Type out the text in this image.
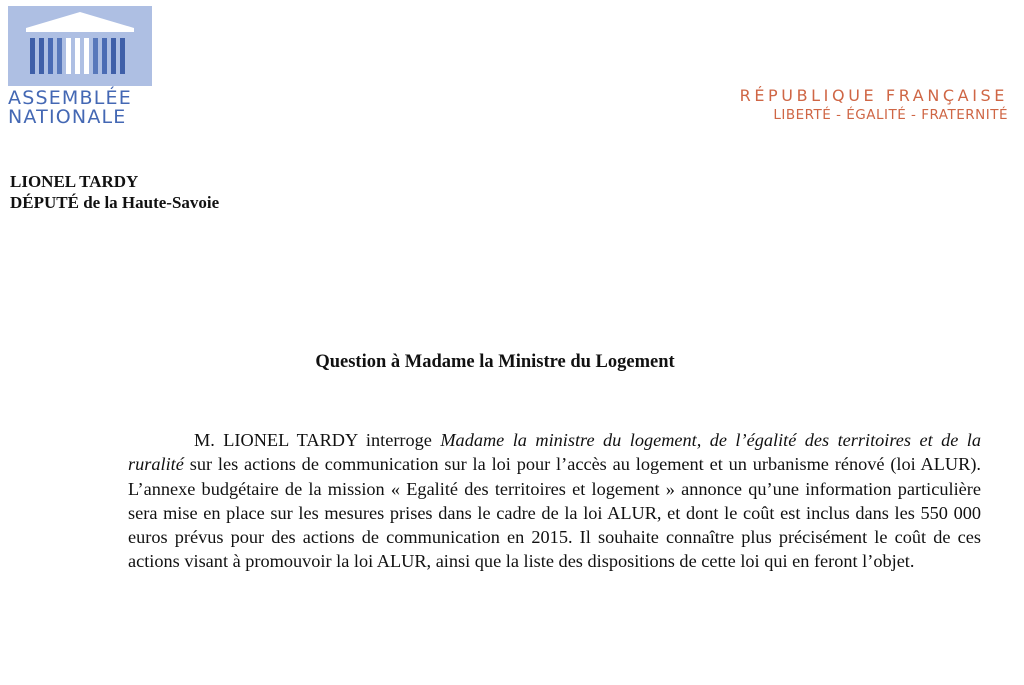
ASSEMBLÉE
NATIONALE
RÉPUBLIQUE FRANÇAISE
LIBERTÉ - ÉGALITÉ - FRATERNITÉ
LIONEL TARDY
DÉPUTÉ de la Haute-Savoie
Question à Madame la Ministre du Logement

M. LIONEL TARDY interroge Madame la ministre du logement, de l’égalité des territoires et de la ruralité sur les actions de communication sur la loi pour l’accès au logement et un urbanisme rénové (loi ALUR). L’annexe budgétaire de la mission « Egalité des territoires et logement » annonce qu’une information particulière sera mise en place sur les mesures prises dans le cadre de la loi ALUR, et dont le coût est inclus dans les 550 000 euros prévus pour des actions de communication en 2015. Il souhaite connaître plus précisément le coût de ces actions visant à promouvoir la loi ALUR, ainsi que la liste des dispositions de cette loi qui en feront l’objet.
